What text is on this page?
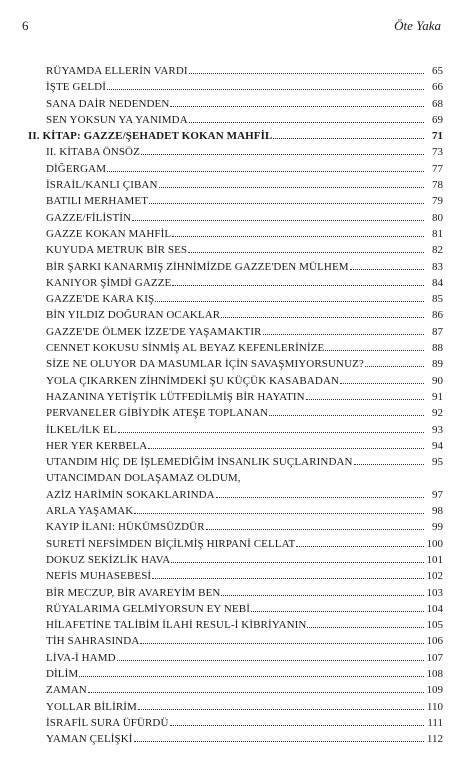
6	Öte Yaka
RÜYAMDA ELLERİN VARDI	65
İŞTE GELDİ	66
SANA DAİR NEDENDEN	68
SEN YOKSUN YA YANIMDA	69
II. KİTAP: GAZZE/ŞEHADET KOKAN MAHFİL	71
II. KİTABA ÖNSÖZ	73
DİĞERGAM	77
İSRAİL/KANLI ÇIBAN	78
BATILI MERHAMET	79
GAZZE/FİLİSTİN	80
GAZZE KOKAN MAHFİL	81
KUYUDA METRUK BİR SES	82
BİR ŞARKI KANARMIŞ ZİHNİMİZDE GAZZE'DEN MÜLHEM	83
KANIYOR ŞİMDİ GAZZE	84
GAZZE'DE KARA KIŞ	85
BİN YILDIZ DOĞURAN OCAKLAR	86
GAZZE'DE ÖLMEK İZZE'DE YAŞAMAKTIR	87
CENNET KOKUSU SİNMİŞ AL BEYAZ KEFENLERİNİZE	88
SİZE NE OLUYOR DA MASUMLAR İÇİN SAVAŞMIYORSUNUZ?	89
YOLA ÇIKARKEN ZİHNİMDEKİ ŞU KÜÇÜK KASABADAN	90
HAZANINA YETİŞTİK LÜTFEDİLMİŞ BİR HAYATIN	91
PERVANELER GİBİYDİK ATEŞE TOPLANAN	92
İLKEL/İLK EL	93
HER YER KERBELA	94
UTANDIM HİÇ DE İŞLEMEDİĞİM İNSANLIK SUÇLARINDAN	95
UTANCIMDAN DOLAŞAMAZ OLDUM,
AZİZ HARİMİN SOKAKLARINDA	97
ARLA YAŞAMAK	98
KAYIP İLANI: HÜKÜMSÜZDÜR	99
SURETİ NEFSİMDEN BİÇİLMİŞ HIRPANİ CELLAT	100
DOKUZ SEKİZLİK HAVA	101
NEFİS MUHASEBESİ	102
BİR MECZUP, BİR AVAREYİM BEN	103
RÜYALARIMA GELMİYORSUN EY NEBİ	104
HİLAFETİNE TALİBİM İLAHİ RESUL-İ KİBRİYANIN	105
TİH SAHRASINDA	106
LİVA-İ HAMD	107
DİLİM	108
ZAMAN	109
YOLLAR BİLİRİM	110
İSRAFİL SURA ÜFÜRDÜ	111
YAMAN ÇELİŞKİ	112
